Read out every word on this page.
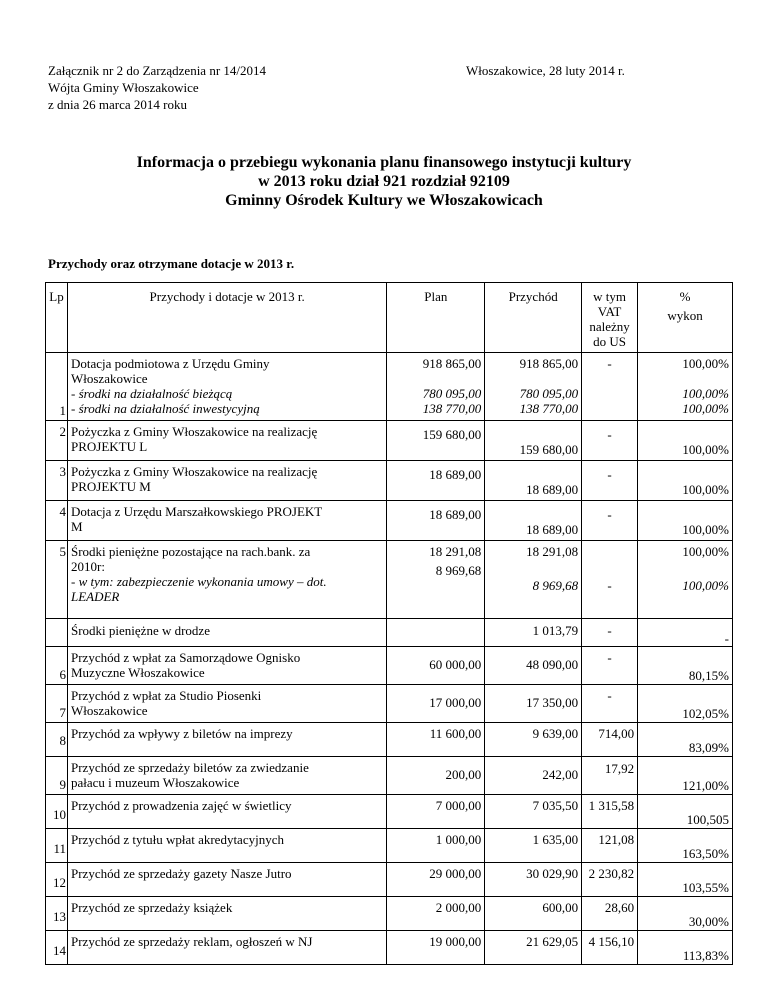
Załącznik nr 2 do Zarządzenia nr 14/2014
Wójta Gminy Włoszakowice
z dnia 26 marca 2014 roku
Włoszakowice, 28 luty 2014 r.
Informacja o przebiegu wykonania planu finansowego instytucji kultury
w 2013 roku dział 921 rozdział 92109
Gminny Ośrodek Kultury we Włoszakowicach
Przychody oraz otrzymane dotacje w 2013 r.
Lp	Przychody i dotacje w 2013 r.	Plan	Przychód	w tym
VAT
należny
do US	%
wykon

1	Dotacja podmiotowa z Urzędu Gminy
Włoszakowice
- środki na działalność bieżącą
- środki na działalność inwestycyjną	918 865,00
780 095,00
138 770,00	918 865,00
780 095,00
138 770,00	-	100,00%
100,00%
100,00%

2	Pożyczka z Gminy Włoszakowice na realizację
PROJEKTU L	159 680,00	159 680,00	-	100,00%
3	Pożyczka z Gminy Włoszakowice na realizację
PROJEKTU M	18 689,00	18 689,00	-	100,00%
4	Dotacja z Urzędu Marszałkowskiego PROJEKT
M	18 689,00	18 689,00	-	100,00%
5	Środki pieniężne pozostające na rach.bank. za
2010r:
- w tym: zabezpieczenie wykonania umowy – dot.
LEADER	18 291,08
8 969,68	18 291,08
8 969,68	-	100,00%
100,00%

	Środki pieniężne w drodze		1 013,79	-	-
6	Przychód z wpłat za Samorządowe Ognisko
Muzyczne Włoszakowice	60 000,00	48 090,00	-	80,15%
7	Przychód z wpłat za Studio Piosenki
Włoszakowice	17 000,00	17 350,00	-	102,05%
8	Przychód za wpływy z biletów na imprezy	11 600,00	9 639,00	714,00	83,09%
9	Przychód ze sprzedaży biletów za zwiedzanie
pałacu i muzeum Włoszakowice	200,00	242,00	17,92	121,00%
10	Przychód z prowadzenia zajęć w świetlicy	7 000,00	7 035,50	1 315,58	100,505
11	Przychód z tytułu wpłat akredytacyjnych	1 000,00	1 635,00	121,08	163,50%
12	Przychód ze sprzedaży gazety Nasze Jutro	29 000,00	30 029,90	2 230,82	103,55%
13	Przychód ze sprzedaży książek	2 000,00	600,00	28,60	30,00%
14	Przychód ze sprzedaży reklam, ogłoszeń w NJ	19 000,00	21 629,05	4 156,10	113,83%
